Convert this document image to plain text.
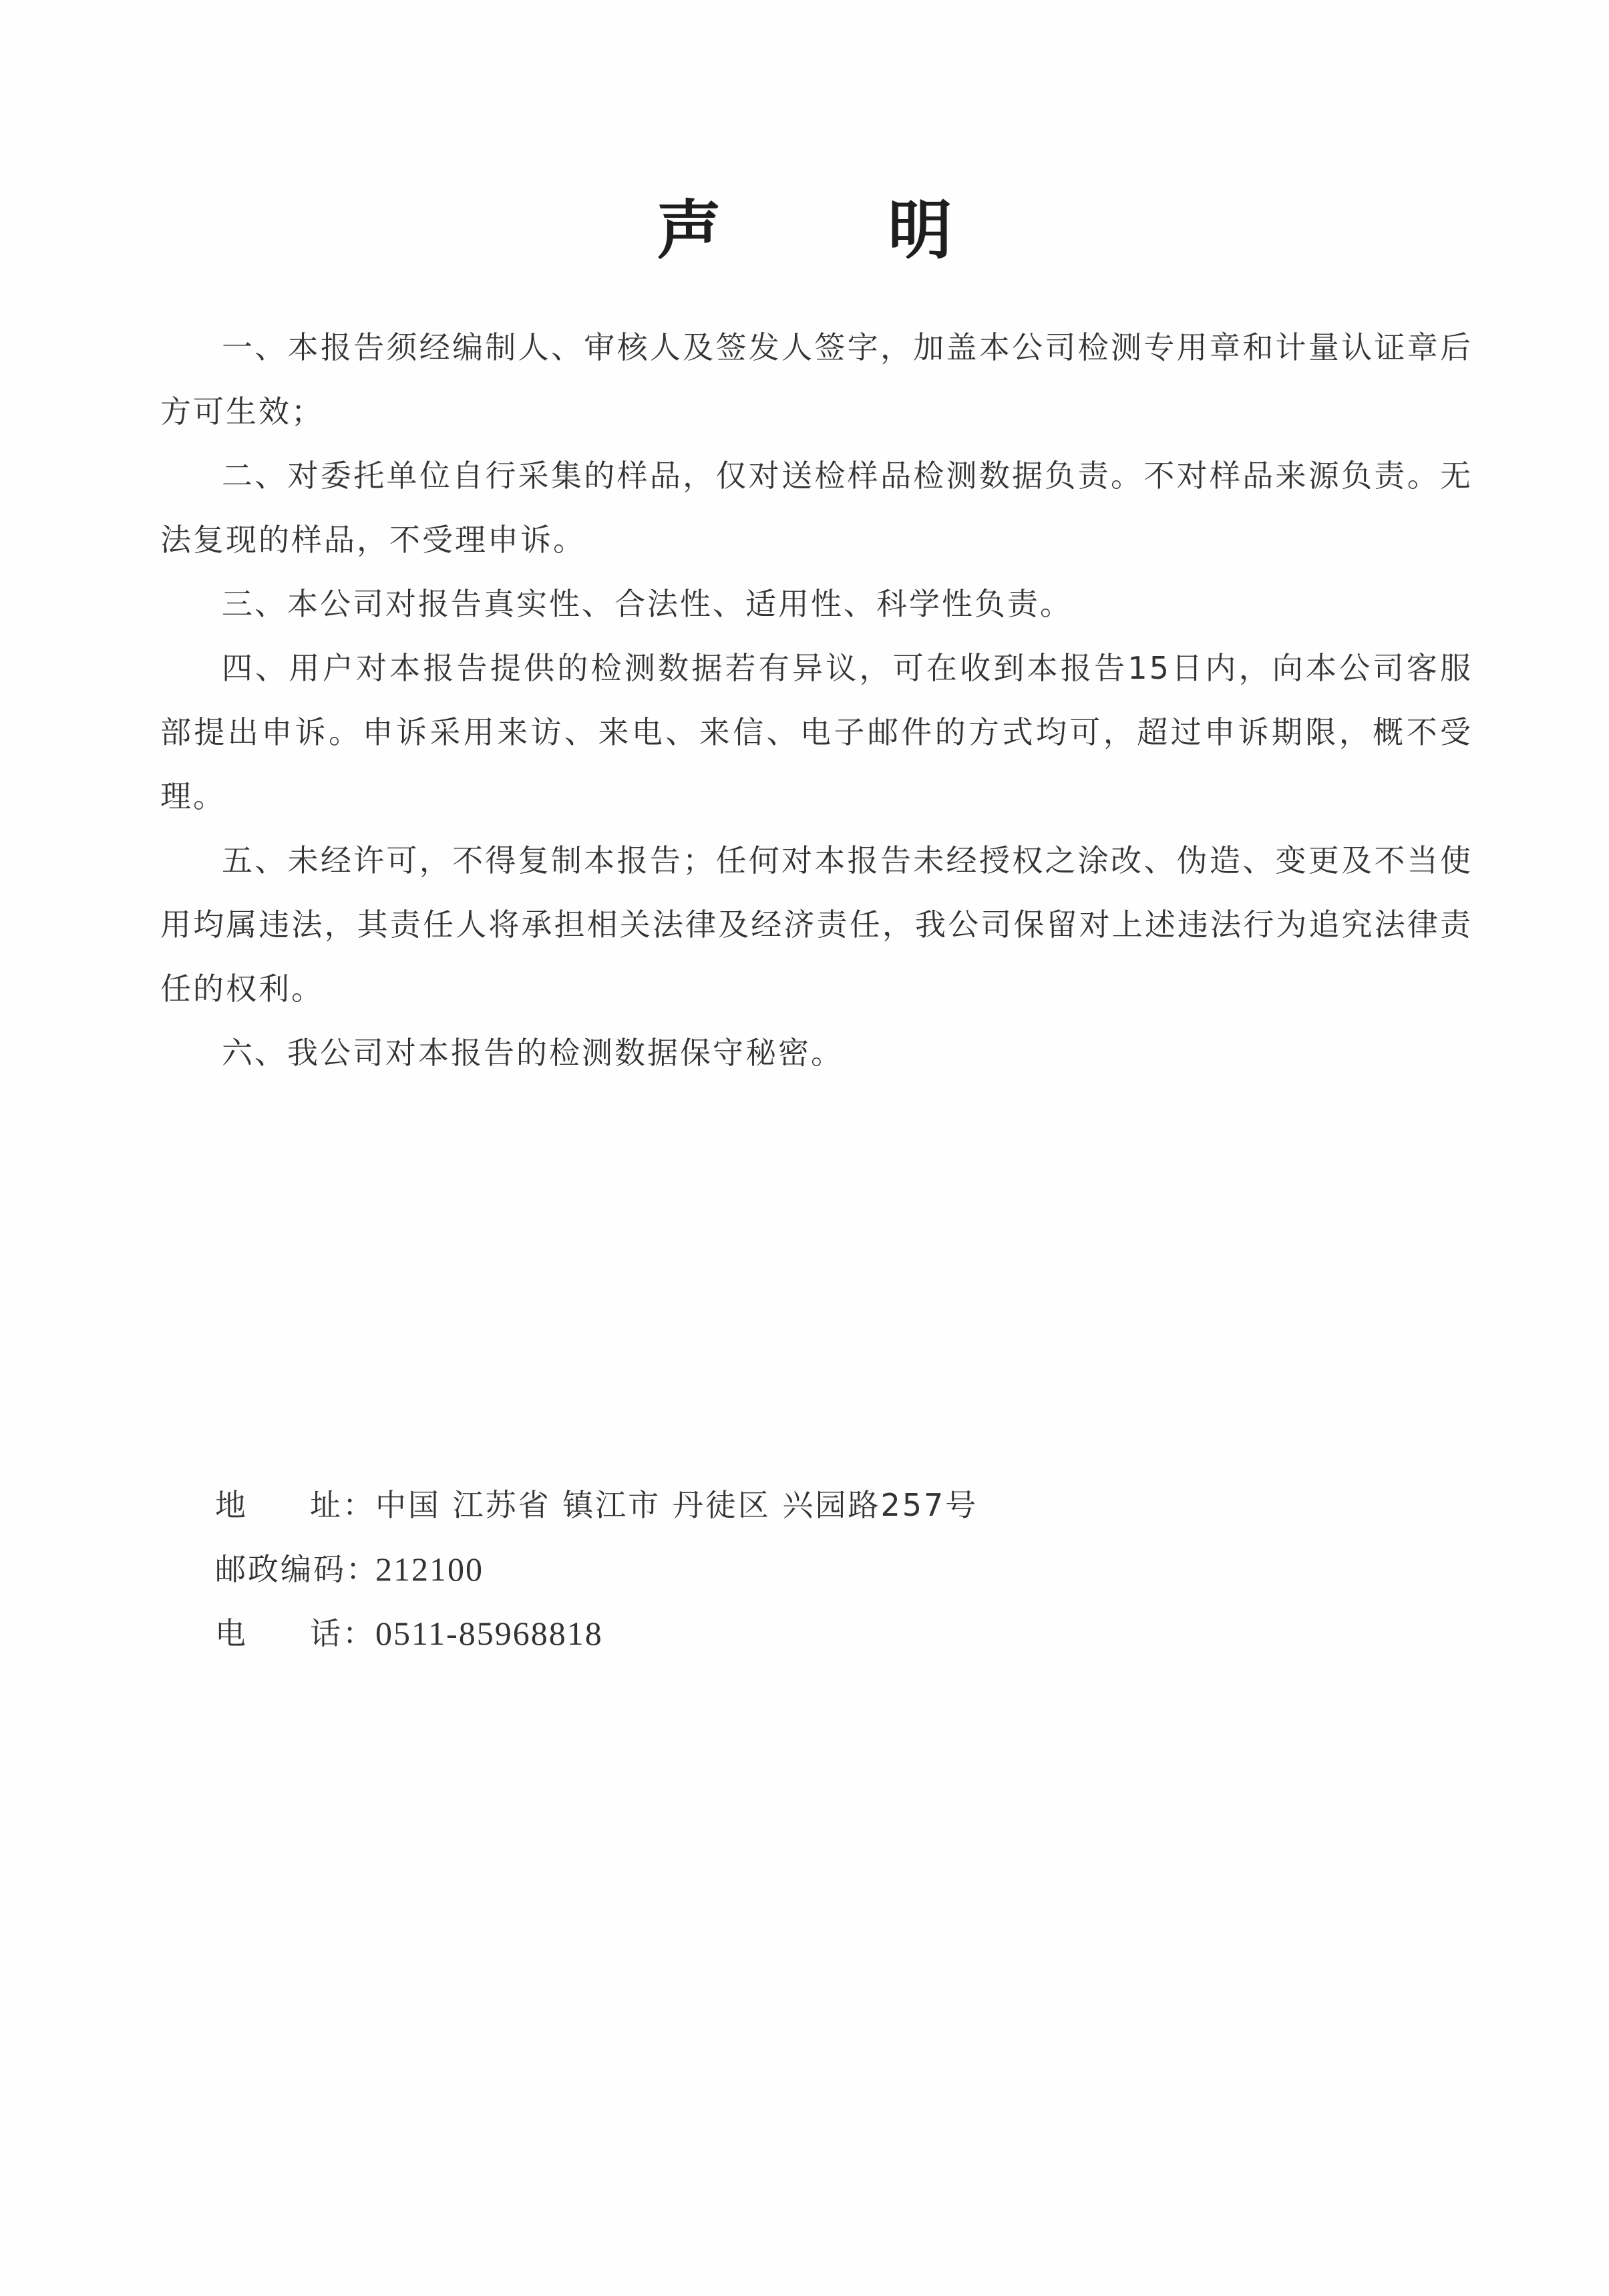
声	明

一、本报告须经编制人、审核人及签发人签字，加盖本公司检测专用章和计量认证章后方可生效；

二、对委托单位自行采集的样品，仅对送检样品检测数据负责。不对样品来源负责。无法复现的样品，不受理申诉。

三、本公司对报告真实性、合法性、适用性、科学性负责。

四、用户对本报告提供的检测数据若有异议，可在收到本报告15日内，向本公司客服部提出申诉。申诉采用来访、来电、来信、电子邮件的方式均可，超过申诉期限，概不受理。

五、未经许可，不得复制本报告；任何对本报告未经授权之涂改、伪造、变更及不当使用均属违法，其责任人将承担相关法律及经济责任，我公司保留对上述违法行为追究法律责任的权利。

六、我公司对本报告的检测数据保守秘密。

地 址： 中国 江苏省 镇江市 丹徒区 兴园路257号
邮政编码：
212100
电 话： 0511-85968818
